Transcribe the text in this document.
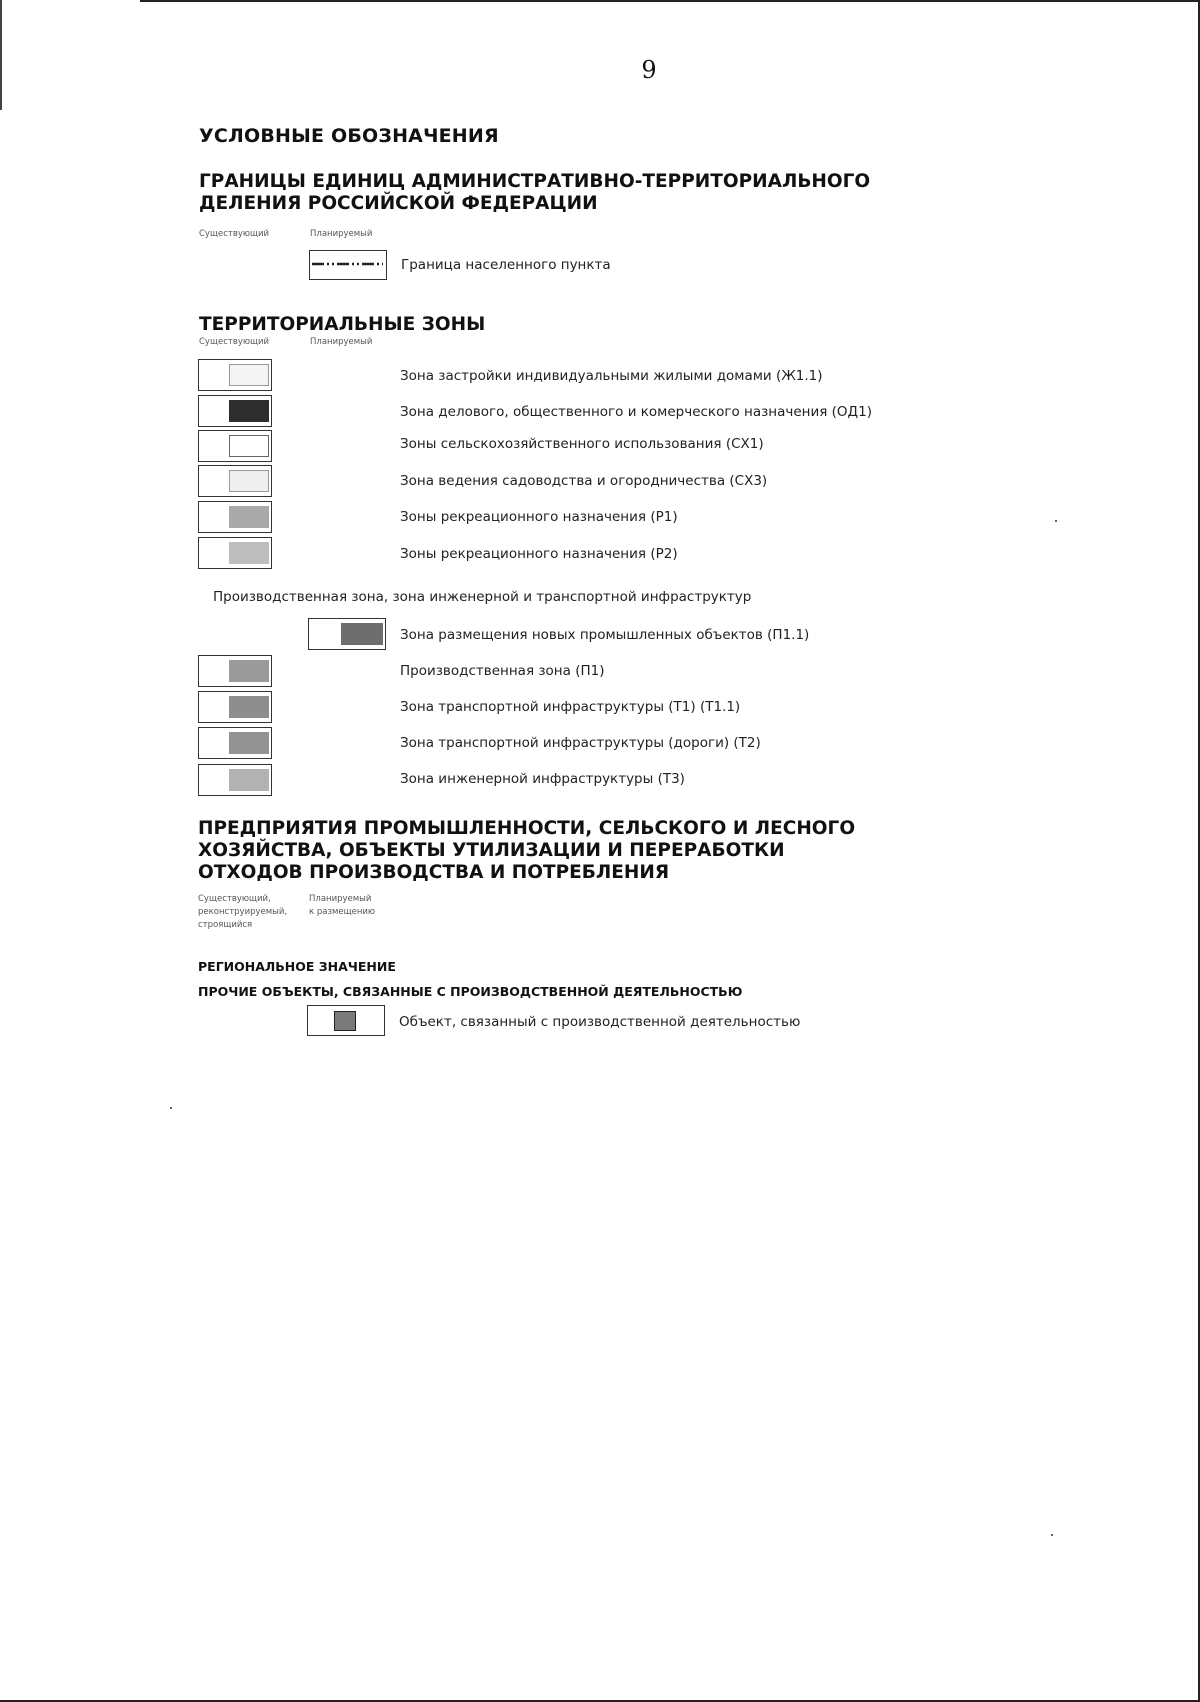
9
УСЛОВНЫЕ ОБОЗНАЧЕНИЯ
ГРАНИЦЫ ЕДИНИЦ АДМИНИСТРАТИВНО-ТЕРРИТОРИАЛЬНОГО
ДЕЛЕНИЯ РОССИЙСКОЙ ФЕДЕРАЦИИ
Существующий	Планируемый
Граница населенного пункта
ТЕРРИТОРИАЛЬНЫЕ ЗОНЫ
Существующий	Планируемый
Зона застройки индивидуальными жилыми домами (Ж1.1)
Зона делового, общественного и комерческого назначения (ОД1)
Зоны сельскохозяйственного использования (СХ1)
Зона ведения садоводства и огородничества (СХ3)
Зоны рекреационного назначения (Р1)
Зоны рекреационного назначения (Р2)
Производственная зона, зона инженерной и транспортной инфраструктур
Зона размещения новых промышленных объектов (П1.1)
Производственная зона (П1)
Зона транспортной инфраструктуры (Т1) (Т1.1)
Зона транспортной инфраструктуры (дороги) (Т2)
Зона инженерной инфраструктуры (Т3)
ПРЕДПРИЯТИЯ ПРОМЫШЛЕННОСТИ, СЕЛЬСКОГО И ЛЕСНОГО
ХОЗЯЙСТВА, ОБЪЕКТЫ УТИЛИЗАЦИИ И ПЕРЕРАБОТКИ
ОТХОДОВ ПРОИЗВОДСТВА И ПОТРЕБЛЕНИЯ
Существующий,
реконструируемый,
строящийся
Планируемый
к размещению
РЕГИОНАЛЬНОЕ ЗНАЧЕНИЕ
ПРОЧИЕ ОБЪЕКТЫ, СВЯЗАННЫЕ С ПРОИЗВОДСТВЕННОЙ ДЕЯТЕЛЬНОСТЬЮ
Объект, связанный с производственной деятельностью
